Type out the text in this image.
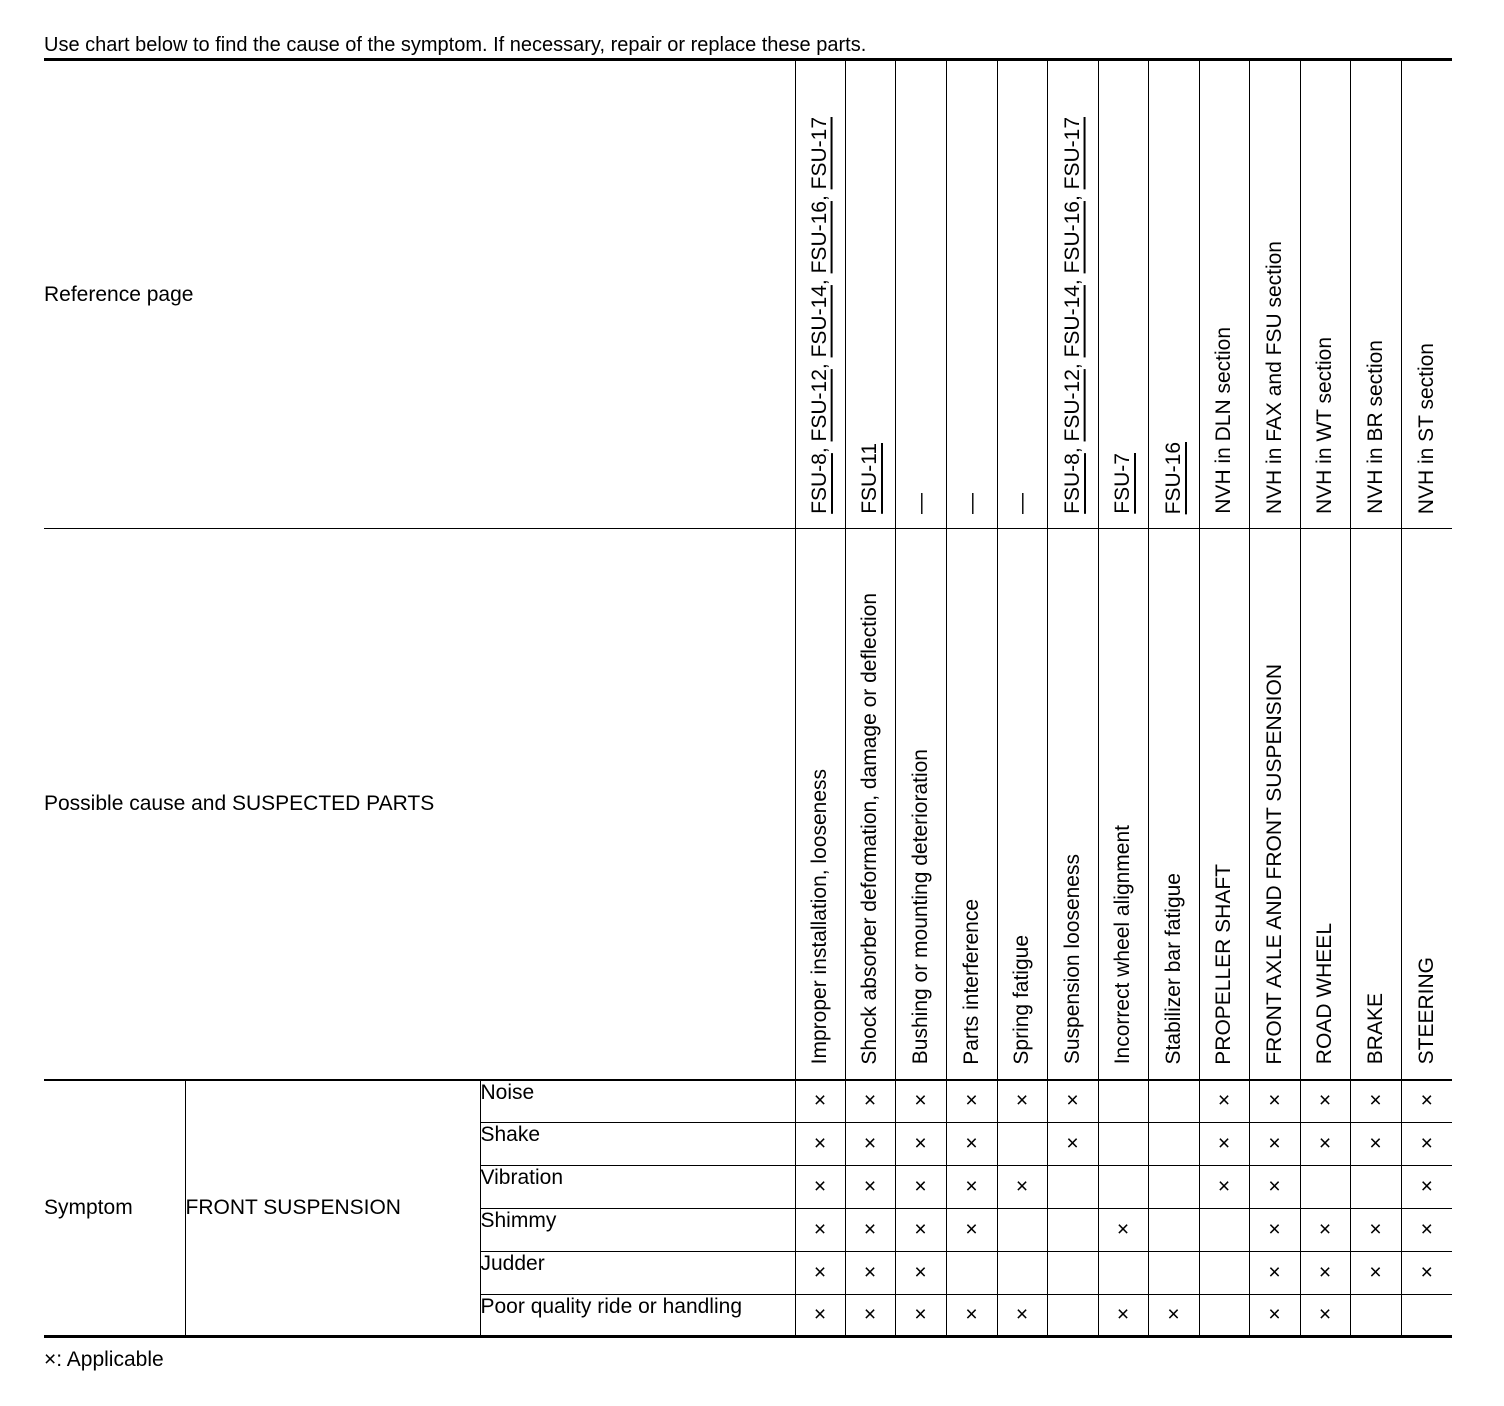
Use chart below to find the cause of the symptom. If necessary, repair or replace these parts.
Reference page			FSU-8, FSU-12, FSU-14, FSU-16, FSU-17	FSU-11	—	—	—	FSU-8, FSU-12, FSU-14, FSU-16, FSU-17	FSU-7	FSU-16	NVH in DLN section	NVH in FAX and FSU section	NVH in WT section	NVH in BR section	NVH in ST section

Possible cause and SUSPECTED PARTS			Improper installation, looseness	Shock absorber deformation, damage or deflection	Bushing or mounting deterioration	Parts interference	Spring fatigue	Suspension looseness	Incorrect wheel alignment	Stabilizer bar fatigue	PROPELLER SHAFT	FRONT AXLE AND FRONT SUSPENSION	ROAD WHEEL	BRAKE	STEERING

Symptom	FRONT SUSPENSION	Noise	×	×	×	×	×	×			×	×	×	×	×
		Shake	×	×	×	×		×			×	×	×	×	×
		Vibration	×	×	×	×	×				×	×			×
		Shimmy	×	×	×	×			×			×	×	×	×
		Judder	×	×	×							×	×	×	×
		Poor quality ride or handling	×	×	×	×	×		×	×		×	×		
×: Applicable
